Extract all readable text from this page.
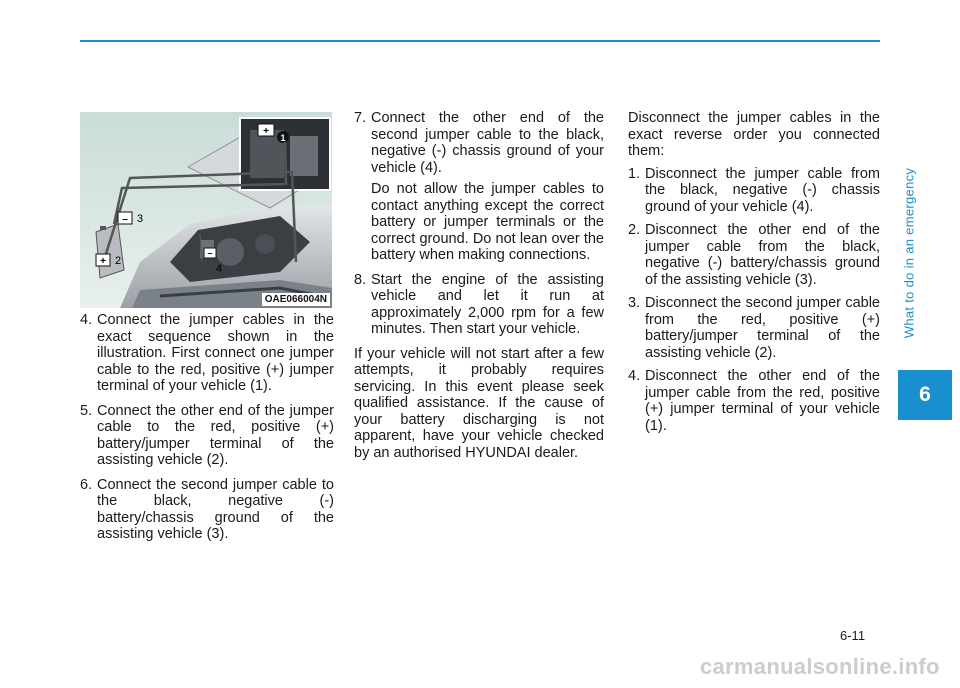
What to do in an emergency
6
+ 2
– 3
–
4
+
1
OAE066004N
4. Connect the jumper cables in the exact sequence shown in the illustration. First connect one jumper cable to the red, positive (+) jumper terminal of your vehicle (1).
5. Connect the other end of the jumper cable to the red, positive (+) battery/jumper terminal of the assisting vehicle (2).
6. Connect the second jumper cable to the black, negative (-) battery/chassis ground of the assisting vehicle (3).
7. Connect the other end of the second jumper cable to the black, negative (-) chassis ground of your vehicle (4).
Do not allow the jumper cables to contact anything except the correct battery or jumper terminals or the correct ground. Do not lean over the battery when making connections.
8. Start the engine of the assisting vehicle and let it run at approximately 2,000 rpm for a few minutes. Then start your vehicle.

If your vehicle will not start after a few attempts, it probably requires servicing. In this event please seek qualified assistance. If the cause of your battery discharging is not apparent, have your vehicle checked by an authorised HYUNDAI dealer.

Disconnect the jumper cables in the exact reverse order you connected them:

1. Disconnect the jumper cable from the black, negative (-) chassis ground of your vehicle (4).
2. Disconnect the other end of the jumper cable from the black, negative (-) battery/chassis ground of the assisting vehicle (3).
3. Disconnect the second jumper cable from the red, positive (+) battery/jumper terminal of the assisting vehicle (2).
4. Disconnect the other end of the jumper cable from the red, positive (+) jumper terminal of your vehicle (1).
6-11
carmanualsonline.info
